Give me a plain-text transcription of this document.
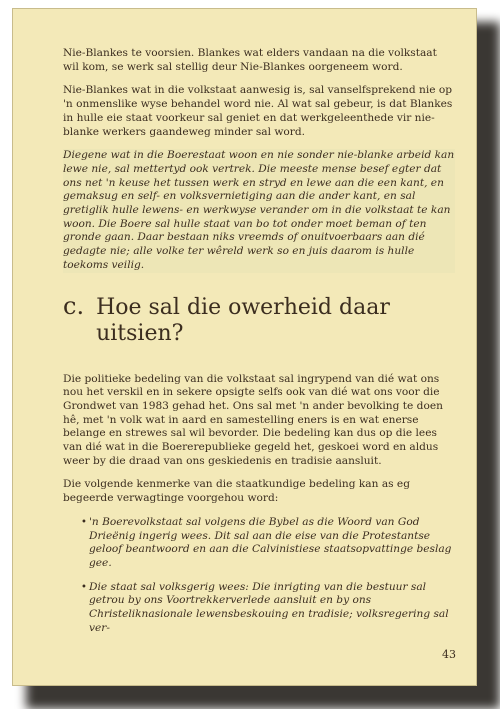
Nie-Blankes te voorsien. Blankes wat elders vandaan na die volkstaat wil kom, se werk sal stellig deur Nie-Blankes oorgeneem word.

Nie-Blankes wat in die volkstaat aanwesig is, sal vanselfsprekend nie op 'n onmenslike wyse behandel word nie. Al wat sal gebeur, is dat Blankes in hulle eie staat voorkeur sal geniet en dat werkgeleenthede vir nie-blanke werkers gaandeweg minder sal word.

Diegene wat in die Boerestaat woon en nie sonder nie-blanke arbeid kan lewe nie, sal mettertyd ook vertrek. Die meeste mense besef egter dat ons net 'n keuse het tussen werk en stryd en lewe aan die een kant, en gemaksug en self- en volksvernietiging aan die ander kant, en sal gretiglik hulle lewens- en werkwyse verander om in die volkstaat te kan woon. Die Boere sal hulle staat van bo tot onder moet beman of ten gronde gaan. Daar bestaan niks vreemds of onuitvoerbaars aan dié gedagte nie; alle volke ter wêreld werk so en juis daarom is hulle toekoms veilig.

c. Hoe sal die owerheid daar uitsien?

Die politieke bedeling van die volkstaat sal ingrypend van dié wat ons nou het verskil en in sekere opsigte selfs ook van dié wat ons voor die Grondwet van 1983 gehad het. Ons sal met 'n ander bevolking te doen hê, met 'n volk wat in aard en samestelling eners is en wat enerse belange en strewes sal wil bevorder. Die bedeling kan dus op die lees van dié wat in die Boererepublieke gegeld het, geskoei word en aldus weer by die draad van ons geskiedenis en tradisie aansluit.

Die volgende kenmerke van die staatkundige bedeling kan as eg begeerde verwagtinge voorgehou word:

• 'n Boerevolkstaat sal volgens die Bybel as die Woord van God Drieënig ingerig wees. Dit sal aan die eise van die Protestantse geloof beantwoord en aan die Calvinistiese staatsopvattinge beslag gee.
• Die staat sal volksgerig wees: Die inrigting van die bestuur sal getrou by ons Voortrekkerverlede aansluit en by ons Christeliknasionale lewensbeskouing en tradisie; volksregering sal ver-
43
